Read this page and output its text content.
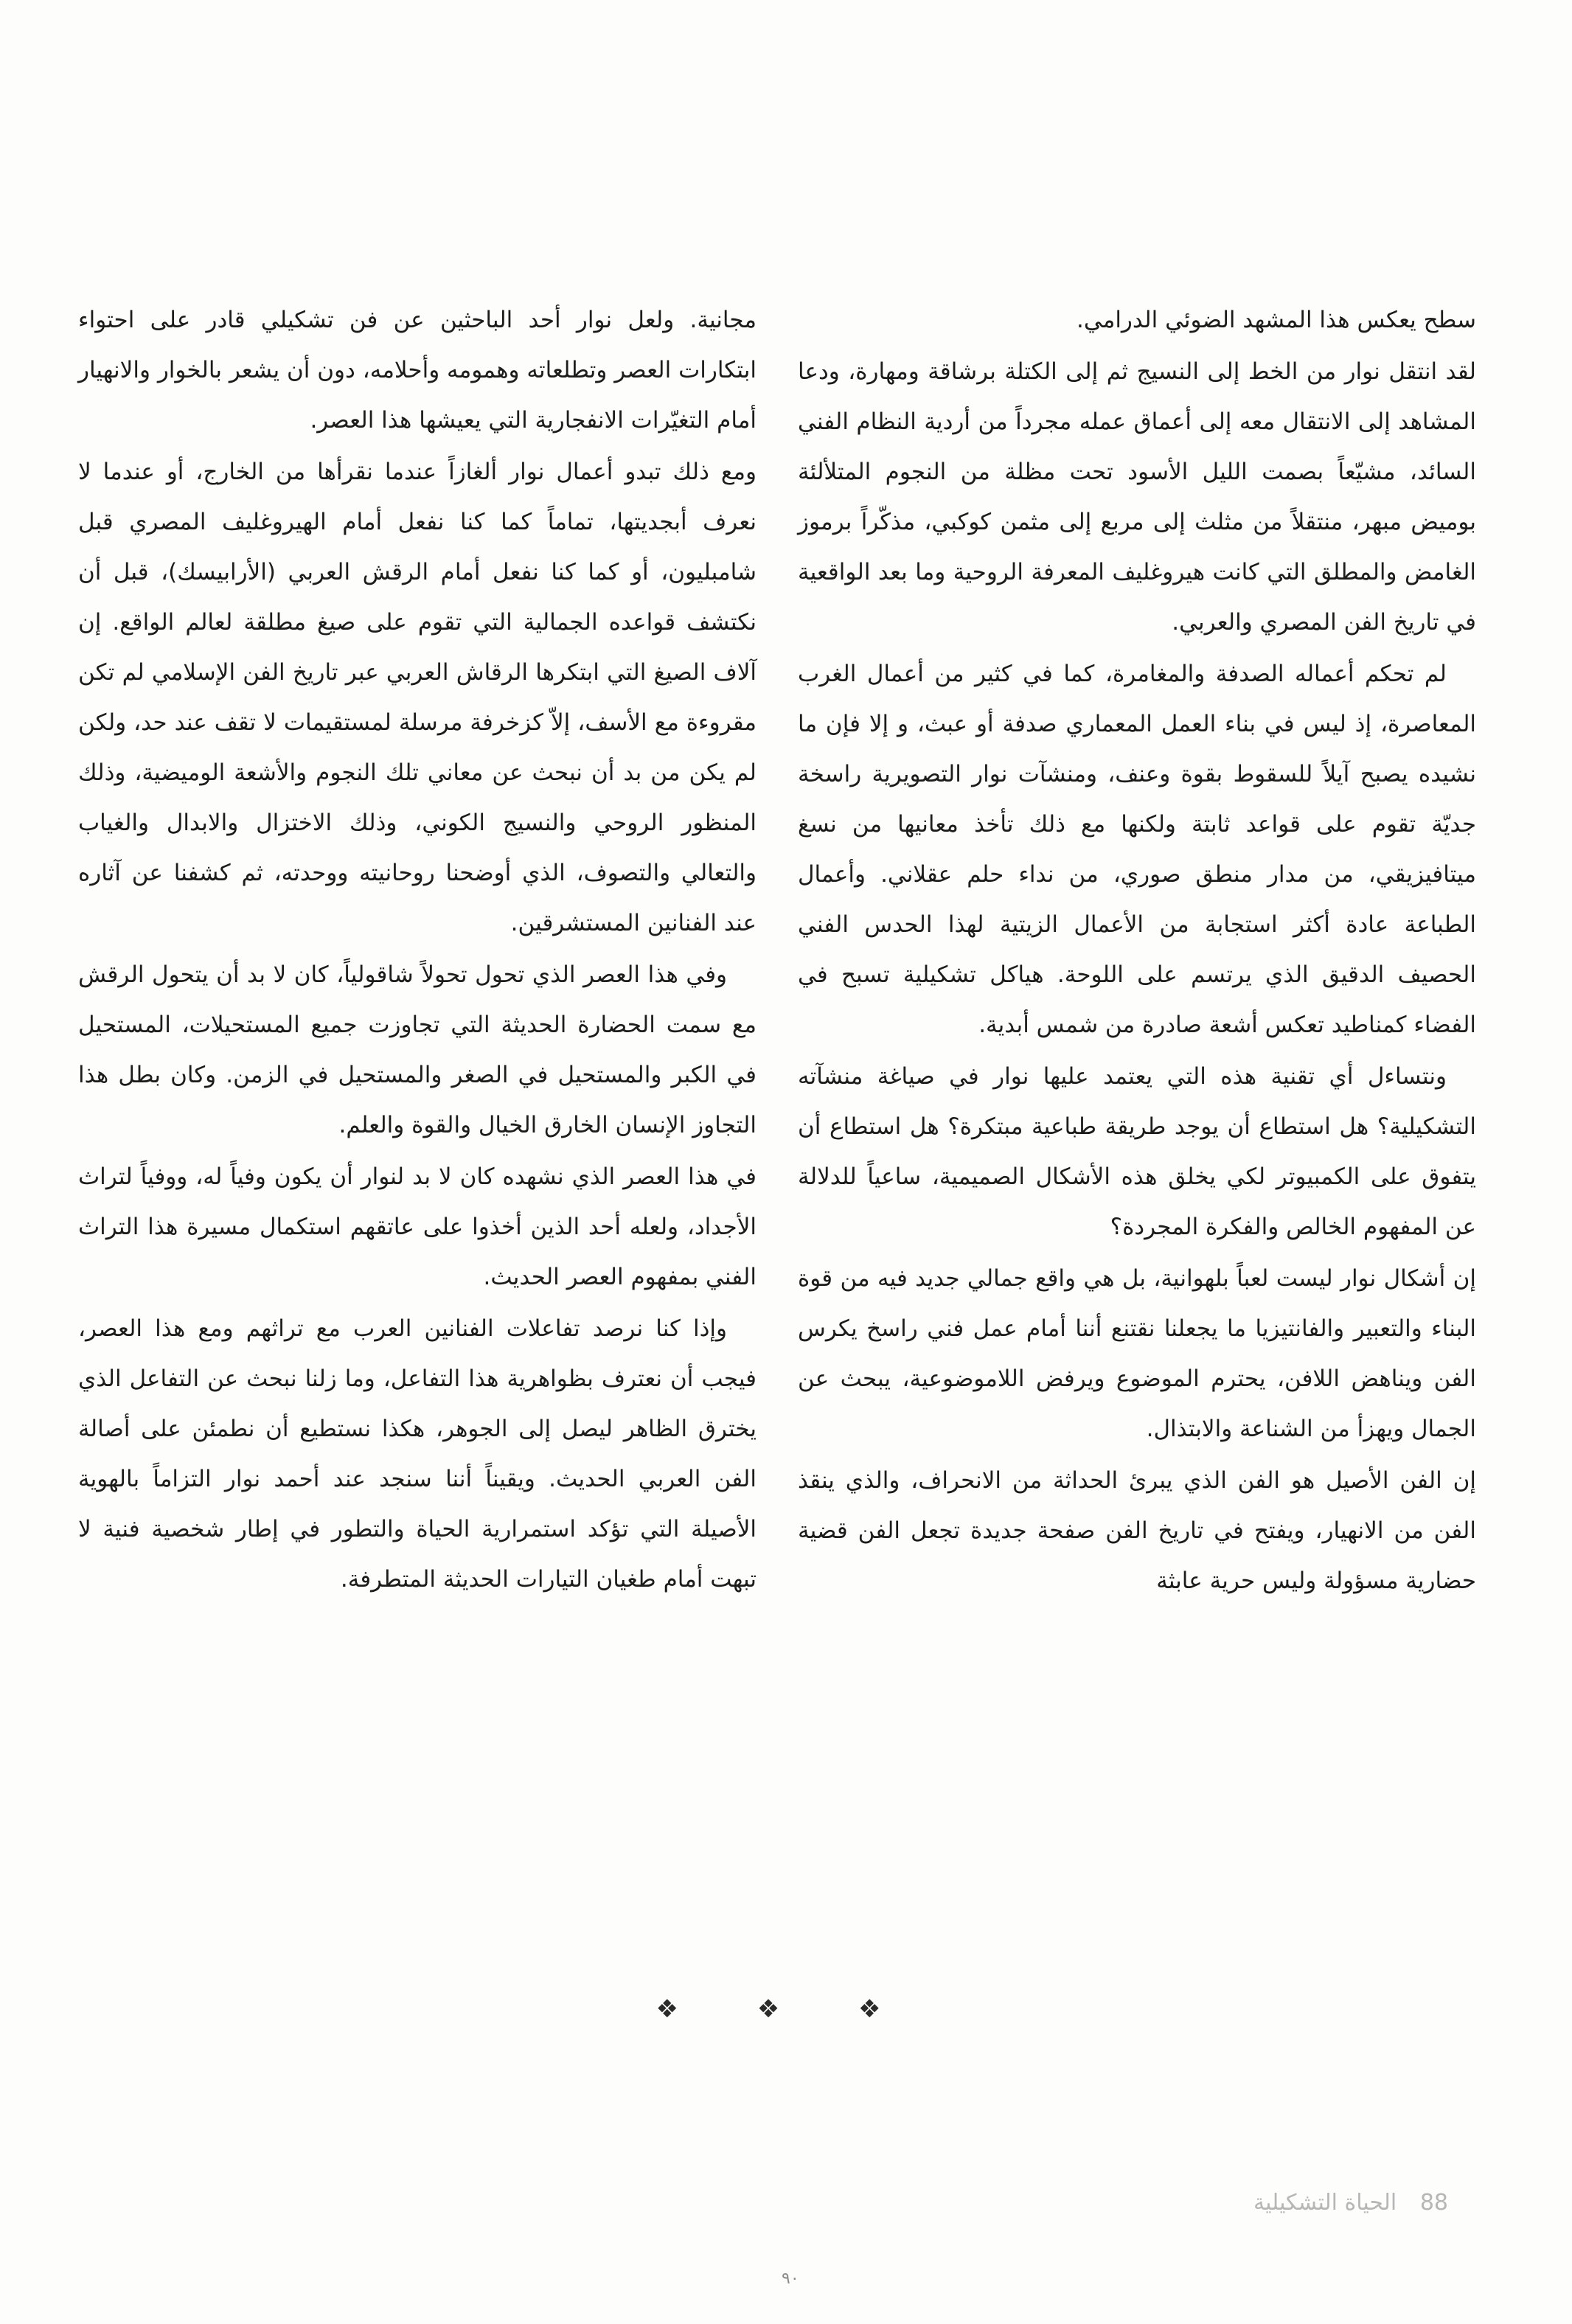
سطح يعكس هذا المشهد الضوئي الدرامي.

لقد انتقل نوار من الخط إلى النسيج ثم إلى الكتلة برشاقة ومهارة، ودعا المشاهد إلى الانتقال معه إلى أعماق عمله مجرداً من أردية النظام الفني السائد، مشيّعاً بصمت الليل الأسود تحت مظلة من النجوم المتلألئة بوميض مبهر، منتقلاً من مثلث إلى مربع إلى مثمن كوكبي، مذكّراً برموز الغامض والمطلق التي كانت هيروغليف المعرفة الروحية وما بعد الواقعية في تاريخ الفن المصري والعربي.

لم تحكم أعماله الصدفة والمغامرة، كما في كثير من أعمال الغرب المعاصرة، إذ ليس في بناء العمل المعماري صدفة أو عبث، و إلا فإن ما نشيده يصبح آيلاً للسقوط بقوة وعنف، ومنشآت نوار التصويرية راسخة جديّة تقوم على قواعد ثابتة ولكنها مع ذلك تأخذ معانيها من نسغ ميتافيزيقي، من مدار منطق صوري، من نداء حلم عقلاني. وأعمال الطباعة عادة أكثر استجابة من الأعمال الزيتية لهذا الحدس الفني الحصيف الدقيق الذي يرتسم على اللوحة. هياكل تشكيلية تسبح في الفضاء كمناطيد تعكس أشعة صادرة من شمس أبدية.

ونتساءل أي تقنية هذه التي يعتمد عليها نوار في صياغة منشآته التشكيلية؟ هل استطاع أن يوجد طريقة طباعية مبتكرة؟ هل استطاع أن يتفوق على الكمبيوتر لكي يخلق هذه الأشكال الصميمية، ساعياً للدلالة عن المفهوم الخالص والفكرة المجردة؟

إن أشكال نوار ليست لعباً بلهوانية، بل هي واقع جمالي جديد فيه من قوة البناء والتعبير والفانتيزيا ما يجعلنا نقتنع أننا أمام عمل فني راسخ يكرس الفن ويناهض اللافن، يحترم الموضوع ويرفض اللاموضوعية، يبحث عن الجمال ويهزأ من الشناعة والابتذال.

إن الفن الأصيل هو الفن الذي يبرئ الحداثة من الانحراف، والذي ينقذ الفن من الانهيار، ويفتح في تاريخ الفن صفحة جديدة تجعل الفن قضية حضارية مسؤولة وليس حرية عابثة

مجانية. ولعل نوار أحد الباحثين عن فن تشكيلي قادر على احتواء ابتكارات العصر وتطلعاته وهمومه وأحلامه، دون أن يشعر بالخوار والانهيار أمام التغيّرات الانفجارية التي يعيشها هذا العصر.

ومع ذلك تبدو أعمال نوار ألغازاً عندما نقرأها من الخارج، أو عندما لا نعرف أبجديتها، تماماً كما كنا نفعل أمام الهيروغليف المصري قبل شامبليون، أو كما كنا نفعل أمام الرقش العربي (الأرابيسك)، قبل أن نكتشف قواعده الجمالية التي تقوم على صيغ مطلقة لعالم الواقع. إن آلاف الصيغ التي ابتكرها الرقاش العربي عبر تاريخ الفن الإسلامي لم تكن مقروءة مع الأسف، إلاّ كزخرفة مرسلة لمستقيمات لا تقف عند حد، ولكن لم يكن من بد أن نبحث عن معاني تلك النجوم والأشعة الوميضية، وذلك المنظور الروحي والنسيج الكوني، وذلك الاختزال والابدال والغياب والتعالي والتصوف، الذي أوضحنا روحانيته ووحدته، ثم كشفنا عن آثاره عند الفنانين المستشرقين.

وفي هذا العصر الذي تحول تحولاً شاقولياً، كان لا بد أن يتحول الرقش مع سمت الحضارة الحديثة التي تجاوزت جميع المستحيلات، المستحيل في الكبر والمستحيل في الصغر والمستحيل في الزمن. وكان بطل هذا التجاوز الإنسان الخارق الخيال والقوة والعلم.

في هذا العصر الذي نشهده كان لا بد لنوار أن يكون وفياً له، ووفياً لتراث الأجداد، ولعله أحد الذين أخذوا على عاتقهم استكمال مسيرة هذا التراث الفني بمفهوم العصر الحديث.

وإذا كنا نرصد تفاعلات الفنانين العرب مع تراثهم ومع هذا العصر، فيجب أن نعترف بظواهرية هذا التفاعل، وما زلنا نبحث عن التفاعل الذي يخترق الظاهر ليصل إلى الجوهر، هكذا نستطيع أن نطمئن على أصالة الفن العربي الحديث. ويقيناً أننا سنجد عند أحمد نوار التزاماً بالهوية الأصيلة التي تؤكد استمرارية الحياة والتطور في إطار شخصية فنية لا تبهت أمام طغيان التيارات الحديثة المتطرفة.

❖ ❖ ❖
88 الحياة التشكيلية
٩٠
